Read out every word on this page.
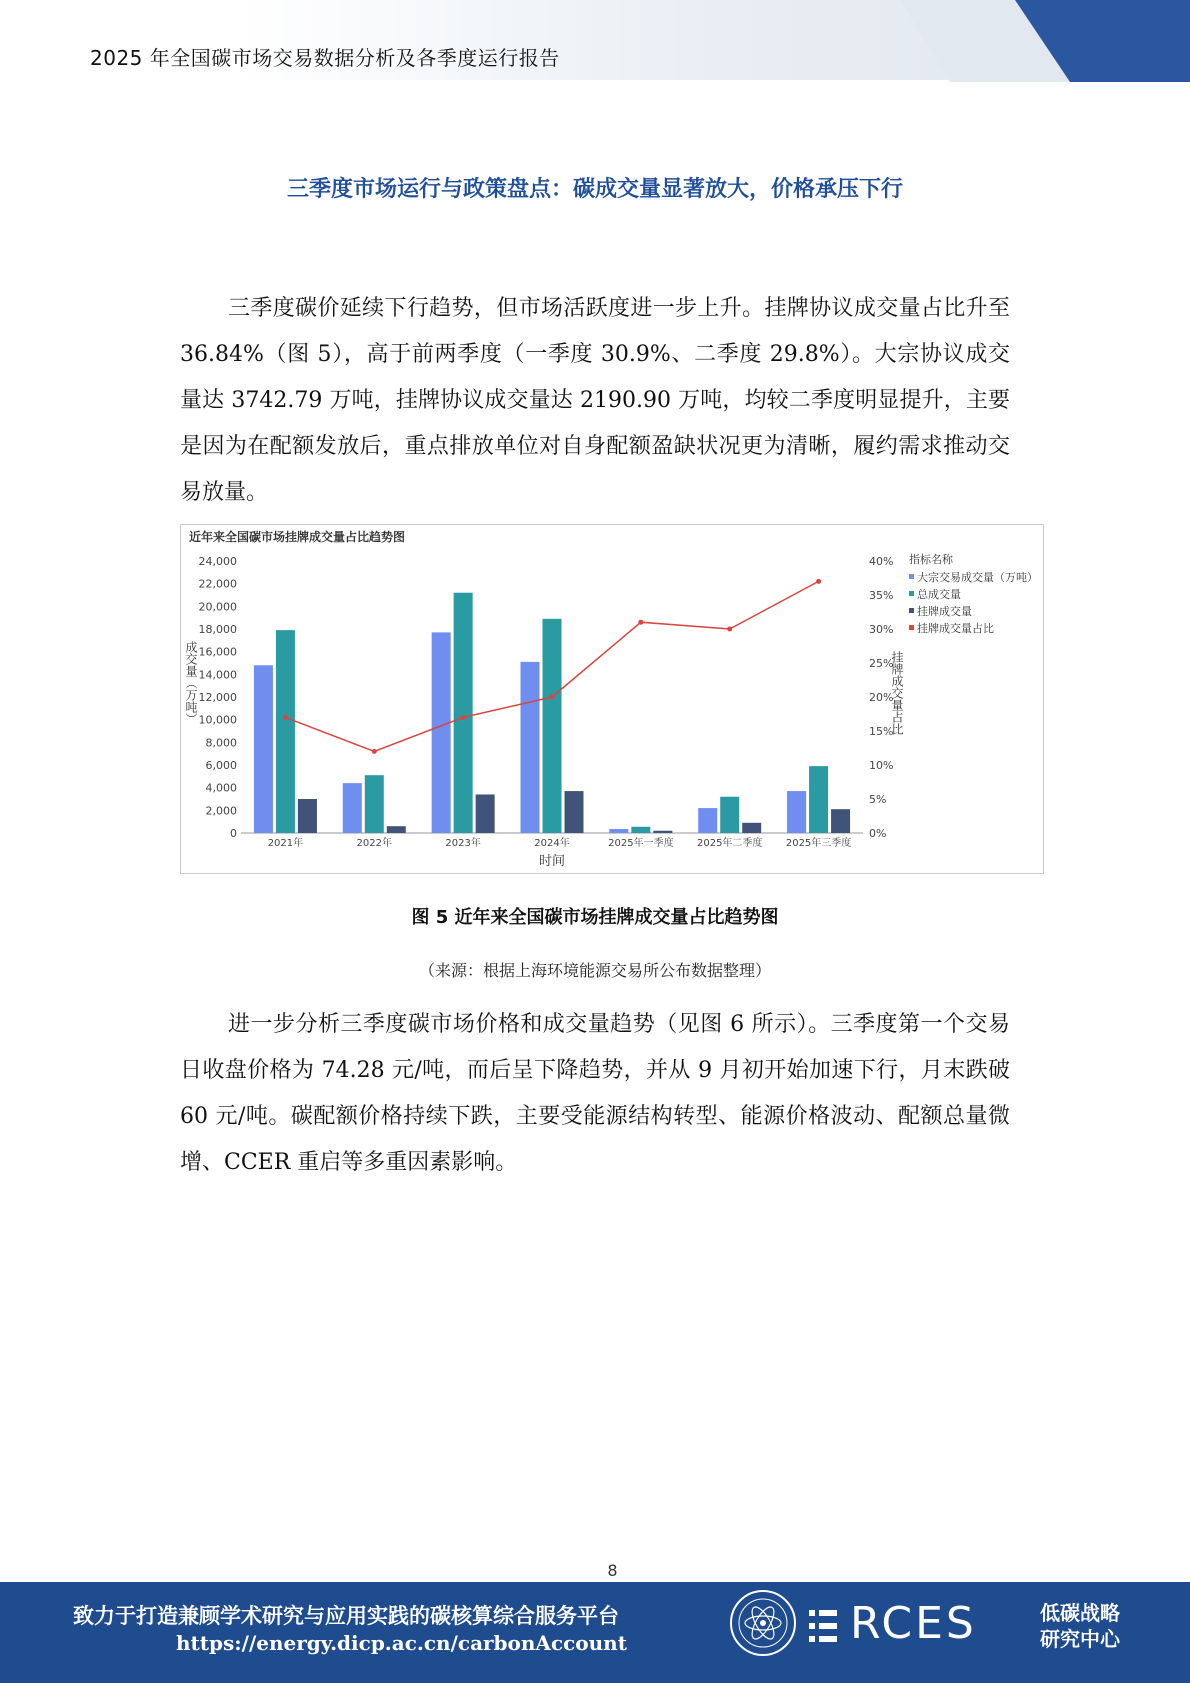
2025 年全国碳市场交易数据分析及各季度运行报告
三季度市场运行与政策盘点：碳成交量显著放大，价格承压下行
三季度碳价延续下行趋势，但市场活跃度进一步上升。挂牌协议成交量占比升至 36.84%（图 5），高于前两季度（一季度 30.9%、二季度 29.8%）。大宗协议成交量达 3742.79 万吨，挂牌协议成交量达 2190.90 万吨，均较二季度明显提升，主要是因为在配额发放后，重点排放单位对自身配额盈缺状况更为清晰，履约需求推动交易放量。
近年来全国碳市场挂牌成交量占比趋势图
0
2,000
4,000
6,000
8,000
10,000
12,000
14,000
16,000
18,000
20,000
22,000
24,000
0%
5%
10%
15%
20%
25%
30%
35%
40%
成交量（万吨）	挂牌成交量占比
2021年	2022年	2023年	2024年	2025年一季度 2025年二季度 2025年三季度
时间
指标名称
大宗交易成交量（万吨）
总成交量
挂牌成交量
挂牌成交量占比
图 5 近年来全国碳市场挂牌成交量占比趋势图
（来源：根据上海环境能源交易所公布数据整理）
进一步分析三季度碳市场价格和成交量趋势（见图 6 所示）。三季度第一个交易日收盘价格为 74.28 元/吨，而后呈下降趋势，并从 9 月初开始加速下行，月末跌破 60 元/吨。碳配额价格持续下跌，主要受能源结构转型、能源价格波动、配额总量微增、CCER 重启等多重因素影响。
8
致力于打造兼顾学术研究与应用实践的碳核算综合服务平台
https://energy.dicp.ac.cn/carbonAccount	RCES	低碳战略
研究中心
